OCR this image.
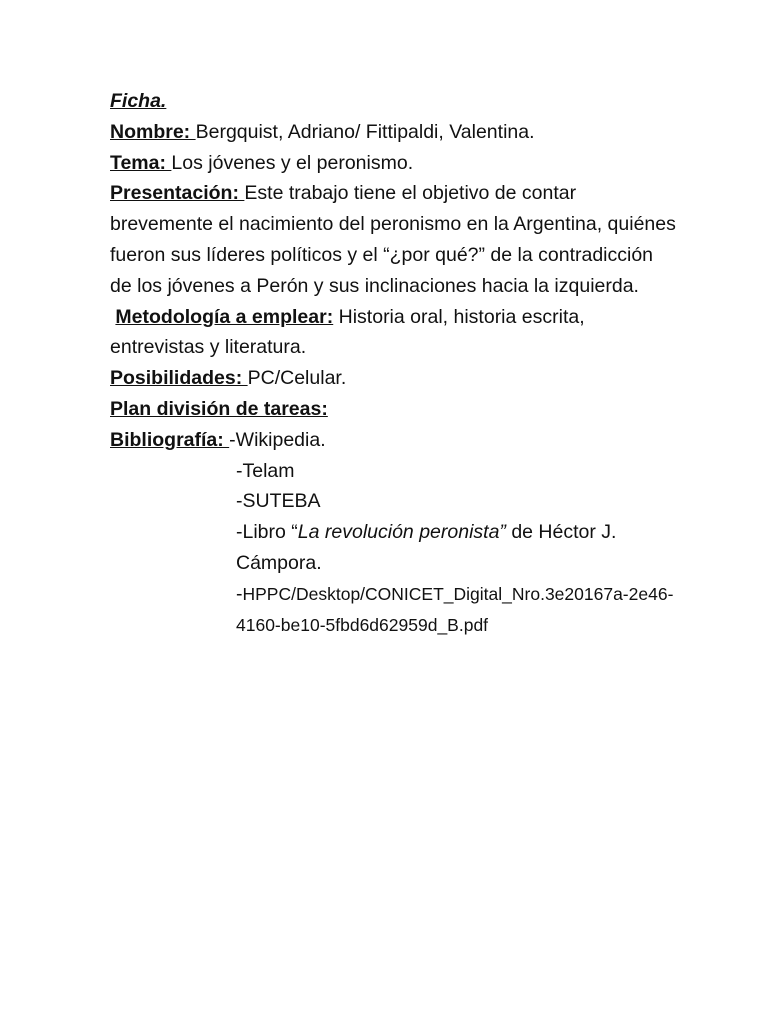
Ficha.

Nombre: Bergquist, Adriano/ Fittipaldi, Valentina.

Tema: Los jóvenes y el peronismo.

Presentación: Este trabajo tiene el objetivo de contar brevemente el nacimiento del peronismo en la Argentina, quiénes fueron sus líderes políticos y el “¿por qué?” de la contradicción de los jóvenes a Perón y sus inclinaciones hacia la izquierda.

Metodología a emplear: Historia oral, historia escrita, entrevistas y literatura.

Posibilidades: PC/Celular.

Plan división de tareas:

Bibliografía: -Wikipedia.

-Telam

-SUTEBA

-Libro “La revolución peronista” de Héctor J. Cámpora.

-HPPC/Desktop/CONICET_Digital_Nro.3e20167a-2e46-4160-be10-5fbd6d62959d_B.pdf
